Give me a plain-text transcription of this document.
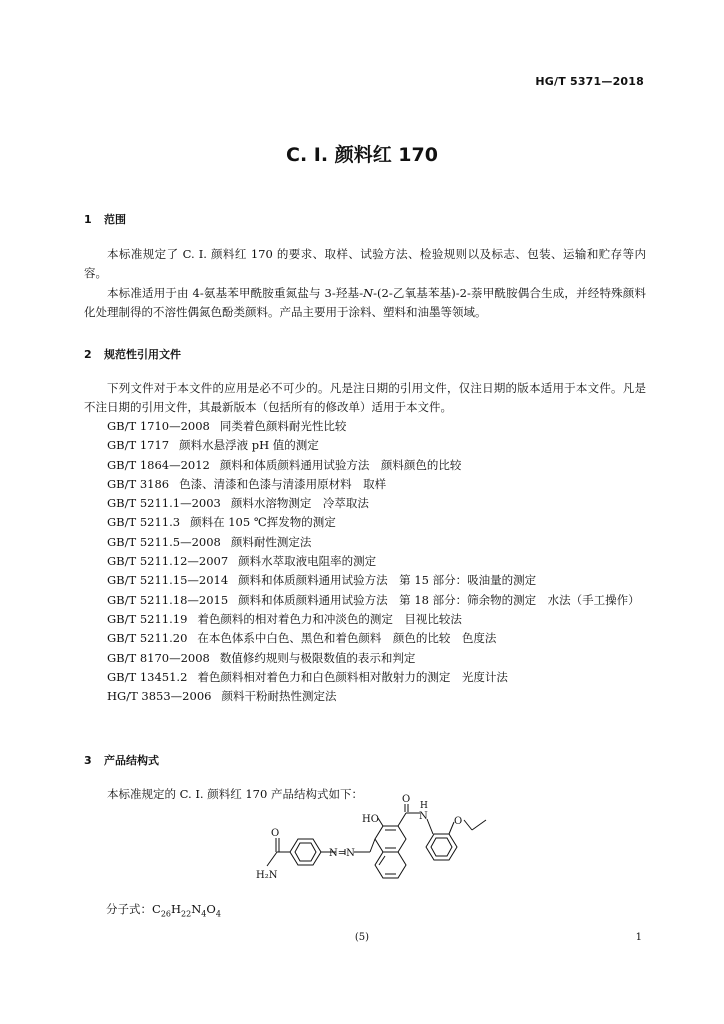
HG/T 5371—2018
C. I. 颜料红 170
1 范围

本标准规定了 C. I. 颜料红 170 的要求、取样、试验方法、检验规则以及标志、包装、运输和贮存等内容。

本标准适用于由 4-氨基苯甲酰胺重氮盐与 3-羟基-N-(2-乙氧基苯基)-2-萘甲酰胺偶合生成，并经特殊颜料化处理制得的不溶性偶氮色酚类颜料。产品主要用于涂料、塑料和油墨等领域。

2 规范性引用文件

下列文件对于本文件的应用是必不可少的。凡是注日期的引用文件，仅注日期的版本适用于本文件。凡是不注日期的引用文件，其最新版本（包括所有的修改单）适用于本文件。

GB/T 1710—2008 同类着色颜料耐光性比较
GB/T 1717 颜料水悬浮液 pH 值的测定
GB/T 1864—2012 颜料和体质颜料通用试验方法　颜料颜色的比较
GB/T 3186 色漆、清漆和色漆与清漆用原材料　取样
GB/T 5211.1—2003 颜料水溶物测定　冷萃取法
GB/T 5211.3 颜料在 105 ℃挥发物的测定
GB/T 5211.5—2008 颜料耐性测定法
GB/T 5211.12—2007 颜料水萃取液电阻率的测定
GB/T 5211.15—2014 颜料和体质颜料通用试验方法　第 15 部分：吸油量的测定
GB/T 5211.18—2015 颜料和体质颜料通用试验方法　第 18 部分：筛余物的测定　水法（手工操作）
GB/T 5211.19 着色颜料的相对着色力和冲淡色的测定　目视比较法
GB/T 5211.20 在本色体系中白色、黑色和着色颜料　颜色的比较　色度法
GB/T 8170—2008 数值修约规则与极限数值的表示和判定
GB/T 13451.2 着色颜料相对着色力和白色颜料相对散射力的测定　光度计法
HG/T 3853—2006 颜料干粉耐热性测定法
3 产品结构式

本标准规定的 C. I. 颜料红 170 产品结构式如下：

H₂N
N=N
HO	N
H
O
O
O
分子式：$C_{26}H_{22}N_4O_4$
(5)	1
